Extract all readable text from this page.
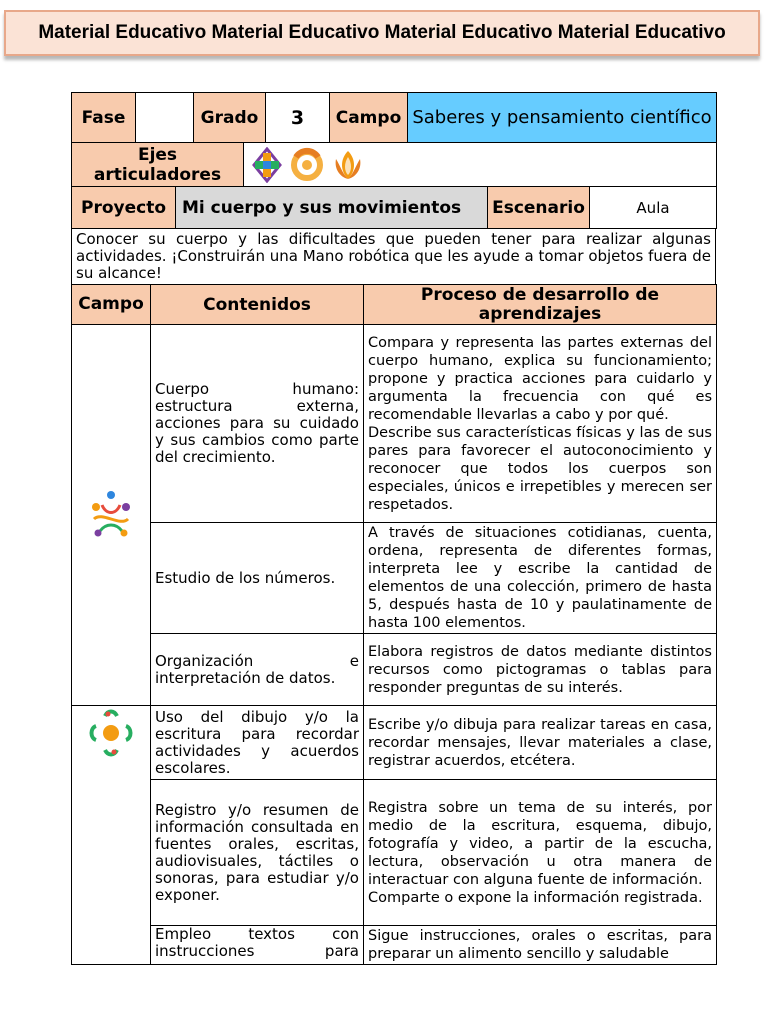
Material Educativo Material Educativo Material Educativo Material Educativo
Fase		Grado	3	Campo	Saberes y pensamiento científico
Ejes articuladores	
Proyecto	Mi cuerpo y sus movimientos	Escenario	Aula
Conocer su cuerpo y las dificultades que pueden tener para realizar algunas actividades. ¡Construirán una Mano robótica que les ayude a tomar objetos fuera de su alcance!
Campo	Contenidos	Proceso de desarrollo de aprendizajes

	Cuerpo humano: estructura externa, acciones para su cuidado y sus cambios como parte del crecimiento.	Compara y representa las partes externas del cuerpo humano, explica su funcionamiento; propone y practica acciones para cuidarlo y argumenta la frecuencia con qué es recomendable llevarlas a cabo y por qué.
Describe sus características físicas y las de sus pares para favorecer el autoconocimiento y reconocer que todos los cuerpos son especiales, únicos e irrepetibles y merecen ser respetados.

	Estudio de los números.	A través de situaciones cotidianas, cuenta, ordena, representa de diferentes formas, interpreta lee y escribe la cantidad de elementos de una colección, primero de hasta 5, después hasta de 10 y paulatinamente de hasta 100 elementos.
	Organización e interpretación de datos.	Elabora registros de datos mediante distintos recursos como pictogramas o tablas para responder preguntas de su interés.

	Uso del dibujo y/o la escritura para recordar actividades y acuerdos escolares.	Escribe y/o dibuja para realizar tareas en casa, recordar mensajes, llevar materiales a clase, registrar acuerdos, etcétera.
	Registro y/o resumen de información consultada en fuentes orales, escritas, audiovisuales, táctiles o sonoras, para estudiar y/o exponer.	Registra sobre un tema de su interés, por medio de la escritura, esquema, dibujo, fotografía y video, a partir de la escucha, lectura, observación u otra manera de interactuar con alguna fuente de información.
Comparte o expone la información registrada.

	Empleo textos con instrucciones para	Sigue instrucciones, orales o escritas, para preparar un alimento sencillo y saludable
